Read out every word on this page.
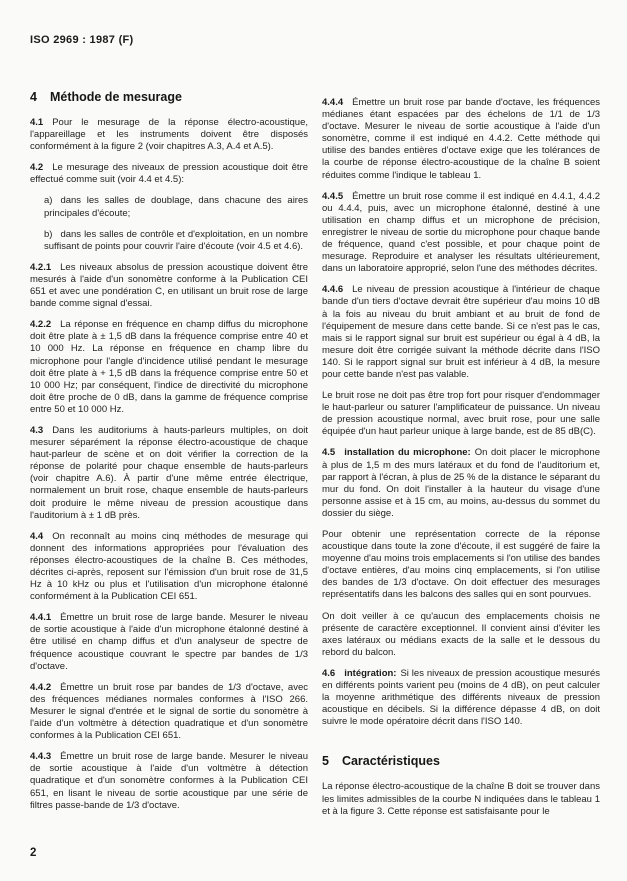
ISO 2969 : 1987 (F)
4 Méthode de mesurage

4.1 Pour le mesurage de la réponse électro-acoustique, l'appareillage et les instruments doivent être disposés conformément à la figure 2 (voir chapitres A.3, A.4 et A.5).

4.2 Le mesurage des niveaux de pression acoustique doit être effectué comme suit (voir 4.4 et 4.5):

a) dans les salles de doublage, dans chacune des aires principales d'écoute;

b) dans les salles de contrôle et d'exploitation, en un nombre suffisant de points pour couvrir l'aire d'écoute (voir 4.5 et 4.6).

4.2.1 Les niveaux absolus de pression acoustique doivent être mesurés à l'aide d'un sonomètre conforme à la Publication CEI 651 et avec une pondération C, en utilisant un bruit rose de large bande comme signal d'essai.

4.2.2 La réponse en fréquence en champ diffus du microphone doit être plate à ± 1,5 dB dans la fréquence comprise entre 40 et 10 000 Hz. La réponse en fréquence en champ libre du microphone pour l'angle d'incidence utilisé pendant le mesurage doit être plate à + 1,5 dB dans la fréquence comprise entre 50 et 10 000 Hz; par conséquent, l'indice de directivité du microphone doit être proche de 0 dB, dans la gamme de fréquence comprise entre 50 et 10 000 Hz.

4.3 Dans les auditoriums à hauts-parleurs multiples, on doit mesurer séparément la réponse électro-acoustique de chaque haut-parleur de scène et on doit vérifier la correction de la réponse de polarité pour chaque ensemble de hauts-parleurs (voir chapitre A.6). À partir d'une même entrée électrique, normalement un bruit rose, chaque ensemble de hauts-parleurs doit produire le même niveau de pression acoustique dans l'auditorium à ± 1 dB près.

4.4 On reconnaît au moins cinq méthodes de mesurage qui donnent des informations appropriées pour l'évaluation des réponses électro-acoustiques de la chaîne B. Ces méthodes, décrites ci-après, reposent sur l'émission d'un bruit rose de 31,5 Hz à 10 kHz ou plus et l'utilisation d'un microphone étalonné conformément à la Publication CEI 651.

4.4.1 Émettre un bruit rose de large bande. Mesurer le niveau de sortie acoustique à l'aide d'un microphone étalonné destiné à être utilisé en champ diffus et d'un analyseur de spectre de fréquence acoustique couvrant le spectre par bandes de 1/3 d'octave.

4.4.2 Émettre un bruit rose par bandes de 1/3 d'octave, avec des fréquences médianes normales conformes à l'ISO 266. Mesurer le signal d'entrée et le signal de sortie du sonomètre à l'aide d'un voltmètre à détection quadratique et d'un sonomètre conformes à la Publication CEI 651.

4.4.3 Émettre un bruit rose de large bande. Mesurer le niveau de sortie acoustique à l'aide d'un voltmètre à détection quadratique et d'un sonomètre conformes à la Publication CEI 651, en lisant le niveau de sortie acoustique par une série de filtres passe-bande de 1/3 d'octave.

4.4.4 Émettre un bruit rose par bande d'octave, les fréquences médianes étant espacées par des échelons de 1/1 de 1/3 d'octave. Mesurer le niveau de sortie acoustique à l'aide d'un sonomètre, comme il est indiqué en 4.4.2. Cette méthode qui utilise des bandes entières d'octave exige que les tolérances de la courbe de réponse électro-acoustique de la chaîne B soient réduites comme l'indique le tableau 1.

4.4.5 Émettre un bruit rose comme il est indiqué en 4.4.1, 4.4.2 ou 4.4.4, puis, avec un microphone étalonné, destiné à une utilisation en champ diffus et un microphone de précision, enregistrer le niveau de sortie du microphone pour chaque bande de fréquence, quand c'est possible, et pour chaque point de mesurage. Reproduire et analyser les résultats ultérieurement, dans un laboratoire approprié, selon l'une des méthodes décrites.

4.4.6 Le niveau de pression acoustique à l'intérieur de chaque bande d'un tiers d'octave devrait être supérieur d'au moins 10 dB à la fois au niveau du bruit ambiant et au bruit de fond de l'équipement de mesure dans cette bande. Si ce n'est pas le cas, mais si le rapport signal sur bruit est supérieur ou égal à 4 dB, la mesure doit être corrigée suivant la méthode décrite dans l'ISO 140. Si le rapport signal sur bruit est inférieur à 4 dB, la mesure pour cette bande n'est pas valable.

Le bruit rose ne doit pas être trop fort pour risquer d'endommager le haut-parleur ou saturer l'amplificateur de puissance. Un niveau de pression acoustique normal, avec bruit rose, pour une salle équipée d'un haut parleur unique à large bande, est de 85 dB(C).

4.5 installation du microphone: On doit placer le microphone à plus de 1,5 m des murs latéraux et du fond de l'auditorium et, par rapport à l'écran, à plus de 25 % de la distance le séparant du mur du fond. On doit l'installer à la hauteur du visage d'une personne assise et à 15 cm, au moins, au-dessus du sommet du dossier du siège.

Pour obtenir une représentation correcte de la réponse acoustique dans toute la zone d'écoute, il est suggéré de faire la moyenne d'au moins trois emplacements si l'on utilise des bandes d'octave entières, d'au moins cinq emplacements, si l'on utilise des bandes de 1/3 d'octave. On doit effectuer des mesurages représentatifs dans les balcons des salles qui en sont pourvues.

On doit veiller à ce qu'aucun des emplacements choisis ne présente de caractère exceptionnel. Il convient ainsi d'éviter les axes latéraux ou médians exacts de la salle et le dessous du rebord du balcon.

4.6 intégration: Si les niveaux de pression acoustique mesurés en différents points varient peu (moins de 4 dB), on peut calculer la moyenne arithmétique des différents niveaux de pression acoustique en décibels. Si la différence dépasse 4 dB, on doit suivre le mode opératoire décrit dans l'ISO 140.

5 Caractéristiques

La réponse électro-acoustique de la chaîne B doit se trouver dans les limites admissibles de la courbe N indiquées dans le tableau 1 et à la figure 3. Cette réponse est satisfaisante pour le

2
